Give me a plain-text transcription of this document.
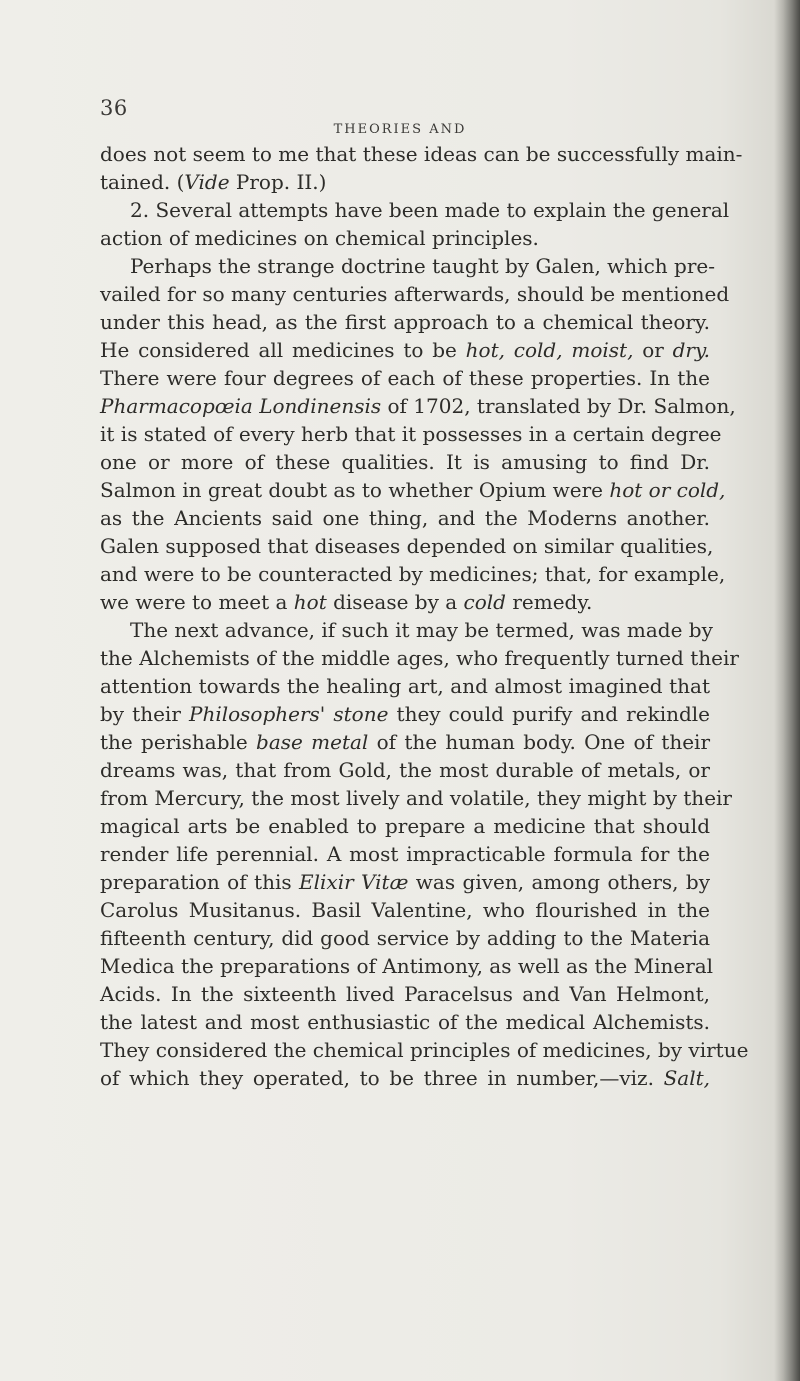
36
THEORIES AND
does not seem to me that these ideas can be successfully main-
tained. (Vide Prop. II.)
2. Several attempts have been made to explain the general
action of medicines on chemical principles.
Perhaps the strange doctrine taught by Galen, which pre-
vailed for so many centuries afterwards, should be mentioned
under this head, as the first approach to a chemical theory.
He considered all medicines to be hot, cold, moist, or dry.
There were four degrees of each of these properties. In the
Pharmacopœia Londinensis of 1702, translated by Dr. Salmon,
it is stated of every herb that it possesses in a certain degree
one or more of these qualities. It is amusing to find Dr.
Salmon in great doubt as to whether Opium were hot or cold,
as the Ancients said one thing, and the Moderns another.
Galen supposed that diseases depended on similar qualities,
and were to be counteracted by medicines; that, for example,
we were to meet a hot disease by a cold remedy.
The next advance, if such it may be termed, was made by
the Alchemists of the middle ages, who frequently turned their
attention towards the healing art, and almost imagined that
by their Philosophers' stone they could purify and rekindle
the perishable base metal of the human body. One of their
dreams was, that from Gold, the most durable of metals, or
from Mercury, the most lively and volatile, they might by their
magical arts be enabled to prepare a medicine that should
render life perennial. A most impracticable formula for the
preparation of this Elixir Vitæ was given, among others, by
Carolus Musitanus. Basil Valentine, who flourished in the
fifteenth century, did good service by adding to the Materia
Medica the preparations of Antimony, as well as the Mineral
Acids. In the sixteenth lived Paracelsus and Van Helmont,
the latest and most enthusiastic of the medical Alchemists.
They considered the chemical principles of medicines, by virtue
of which they operated, to be three in number,—viz. Salt,
